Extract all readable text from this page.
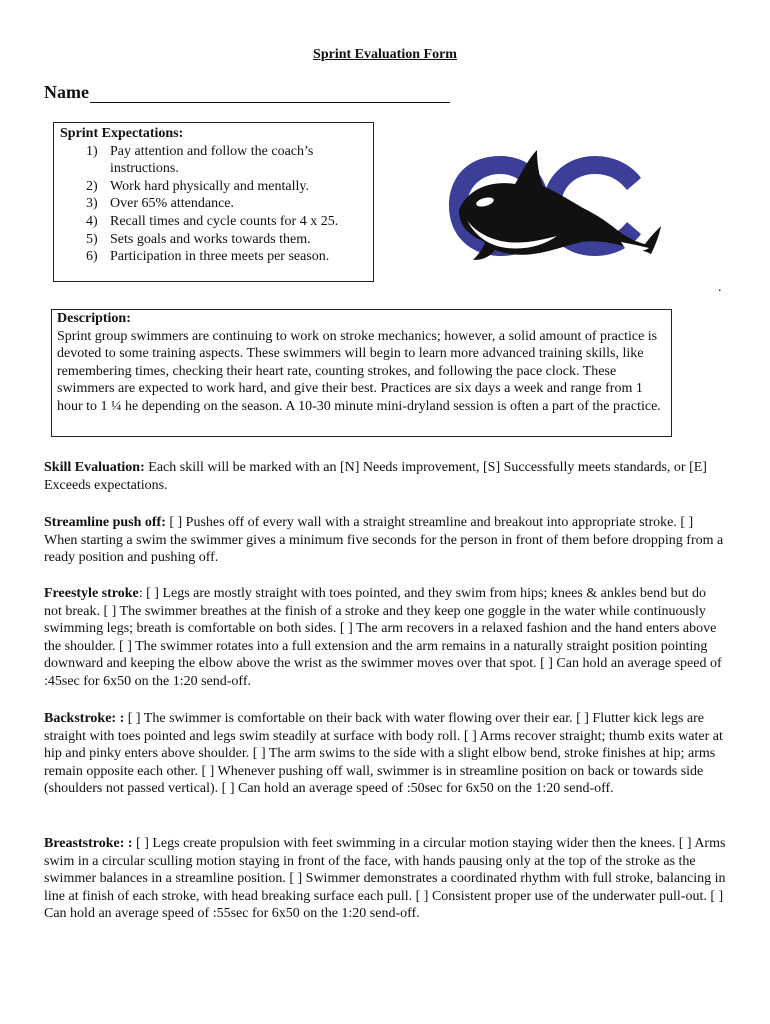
Sprint Evaluation Form
Name
Sprint Expectations:
1) Pay attention and follow the coach’s instructions.
2) Work hard physically and mentally.
3) Over 65% attendance.
4) Recall times and cycle counts for 4 x 25.
5) Sets goals and works towards them.
6) Participation in three meets per season.
.
Description:
Sprint group swimmers are continuing to work on stroke mechanics; however, a solid amount of practice is devoted to some training aspects. These swimmers will begin to learn more advanced training skills, like remembering times, checking their heart rate, counting strokes, and following the pace clock. These swimmers are expected to work hard, and give their best. Practices are six days a week and range from 1 hour to 1 ¼ he depending on the season. A 10-30 minute mini-dryland session is often a part of the practice.
Skill Evaluation: Each skill will be marked with an [N] Needs improvement, [S] Successfully meets standards, or [E] Exceeds expectations.
Streamline push off: [ ] Pushes off of every wall with a straight streamline and breakout into appropriate stroke. [ ] When starting a swim the swimmer gives a minimum five seconds for the person in front of them before dropping from a ready position and pushing off.
Freestyle stroke: [ ] Legs are mostly straight with toes pointed, and they swim from hips; knees & ankles bend but do not break. [ ] The swimmer breathes at the finish of a stroke and they keep one goggle in the water while continuously swimming legs; breath is comfortable on both sides. [ ] The arm recovers in a relaxed fashion and the hand enters above the shoulder. [ ] The swimmer rotates into a full extension and the arm remains in a naturally straight position pointing downward and keeping the elbow above the wrist as the swimmer moves over that spot. [ ] Can hold an average speed of :45sec for 6x50 on the 1:20 send-off.
Backstroke: : [ ] The swimmer is comfortable on their back with water flowing over their ear. [ ] Flutter kick legs are straight with toes pointed and legs swim steadily at surface with body roll. [ ] Arms recover straight; thumb exits water at hip and pinky enters above shoulder. [ ] The arm swims to the side with a slight elbow bend, stroke finishes at hip; arms remain opposite each other. [ ] Whenever pushing off wall, swimmer is in streamline position on back or towards side (shoulders not passed vertical). [ ] Can hold an average speed of :50sec for 6x50 on the 1:20 send-off.
Breaststroke: : [ ] Legs create propulsion with feet swimming in a circular motion staying wider then the knees. [ ] Arms swim in a circular sculling motion staying in front of the face, with hands pausing only at the top of the stroke as the swimmer balances in a streamline position. [ ] Swimmer demonstrates a coordinated rhythm with full stroke, balancing in line at finish of each stroke, with head breaking surface each pull. [ ] Consistent proper use of the underwater pull-out. [ ] Can hold an average speed of :55sec for 6x50 on the 1:20 send-off.
